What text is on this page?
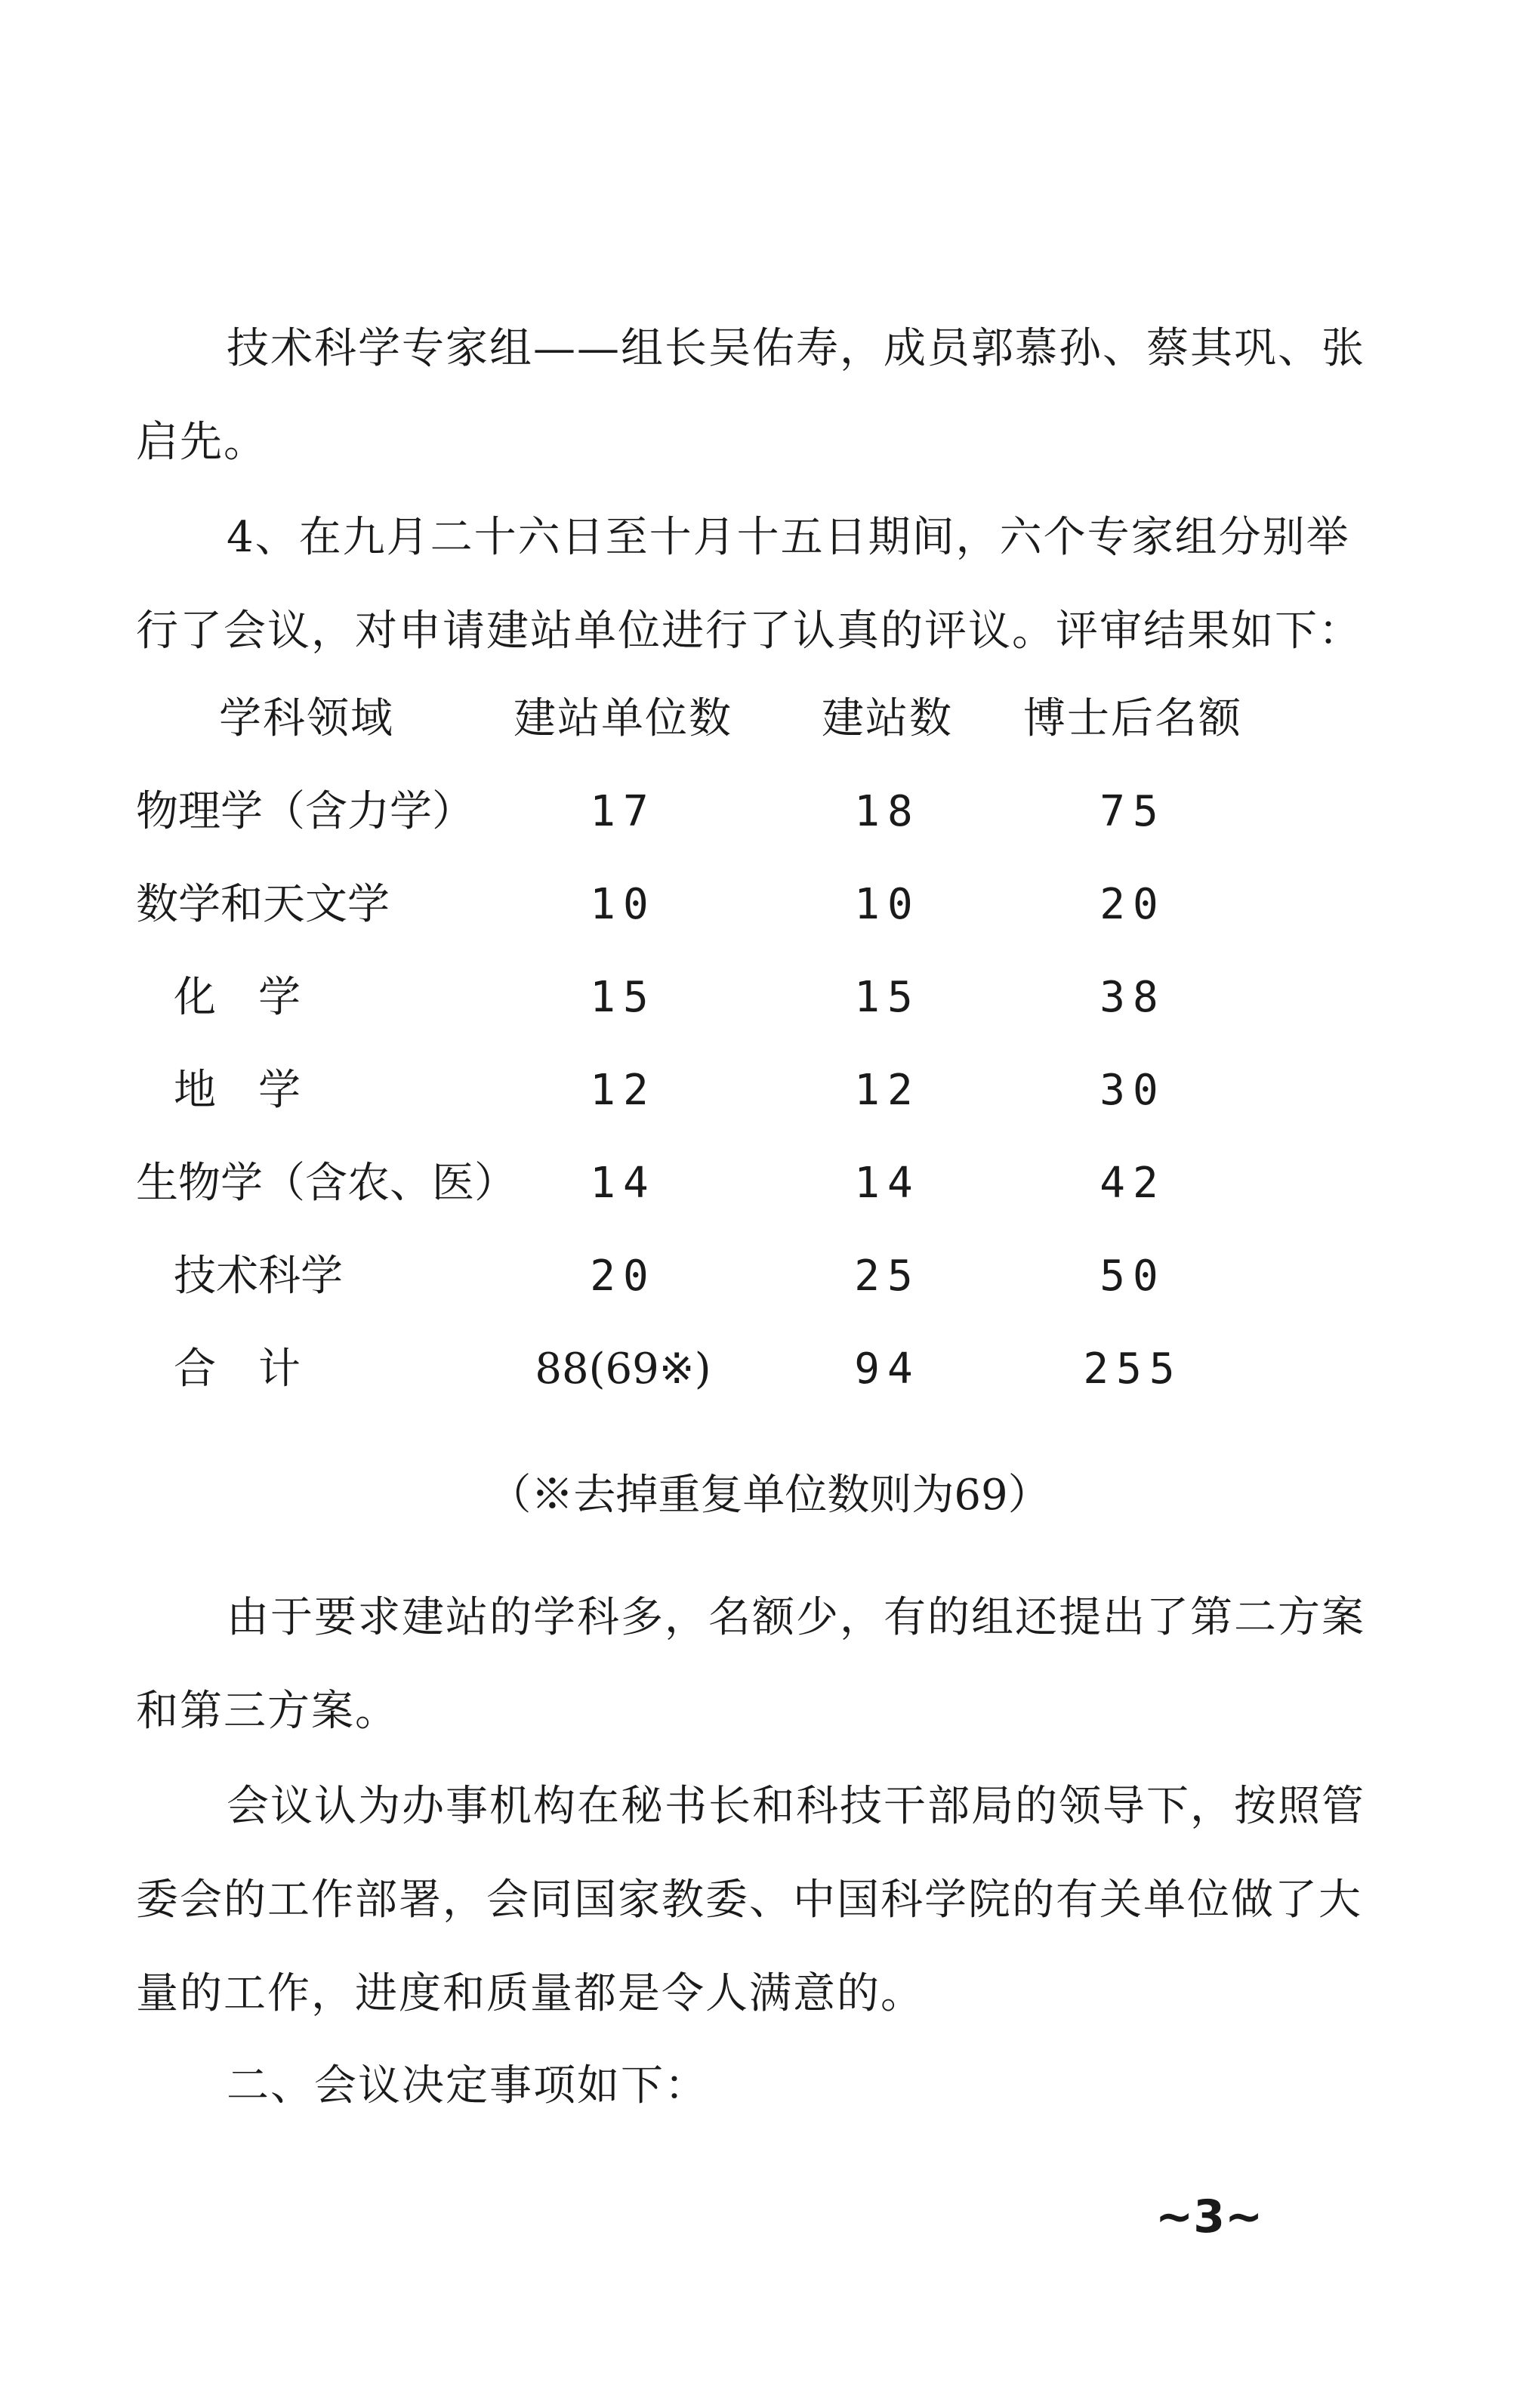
技术科学专家组——组长吴佑寿，成员郭慕孙、蔡其巩、张启先。

4、在九月二十六日至十月十五日期间，六个专家组分别举行了会议，对申请建站单位进行了认真的评议。评审结果如下：

学科领域	建站单位数	建站数	博士后名额
物理学（含力学）	17	18	75
数学和天文学	10	10	20
化　学	15	15	38
地　学	12	12	30
生物学（含农、医）	14	14	42
技术科学	20	25	50
合　计	88(69※)	94	255
（※去掉重复单位数则为69）

由于要求建站的学科多，名额少，有的组还提出了第二方案和第三方案。

会议认为办事机构在秘书长和科技干部局的领导下，按照管委会的工作部署，会同国家教委、中国科学院的有关单位做了大量的工作，进度和质量都是令人满意的。

二、会议决定事项如下：

~3~
